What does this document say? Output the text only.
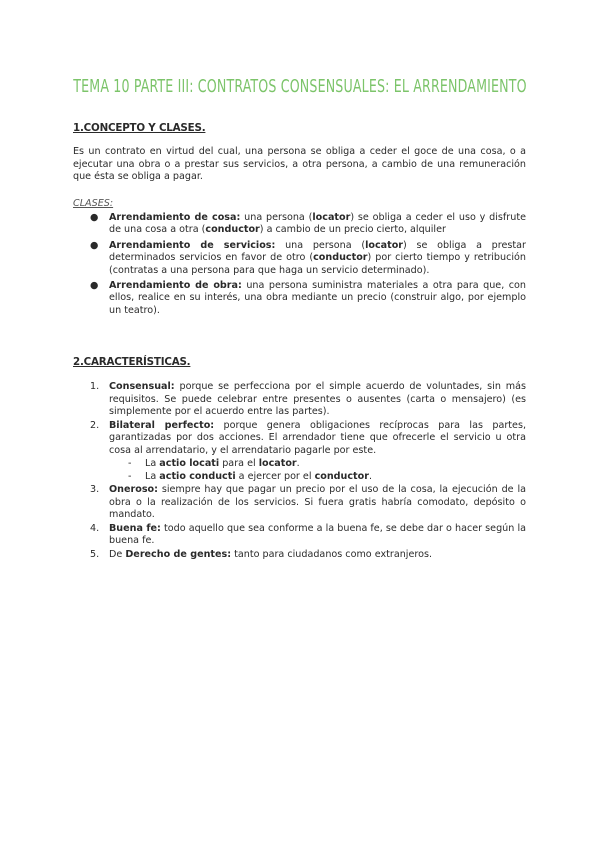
TEMA 10 PARTE III: CONTRATOS CONSENSUALES: EL ARRENDAMIENTO
1.CONCEPTO Y CLASES.
Es un contrato en virtud del cual, una persona se obliga a ceder el goce de una cosa, o a ejecutar una obra o a prestar sus servicios, a otra persona, a cambio de una remuneración que ésta se obliga a pagar.
CLASES:
● Arrendamiento de cosa: una persona (locator) se obliga a ceder el uso y disfrute de una cosa a otra (conductor) a cambio de un precio cierto, alquiler
● Arrendamiento de servicios: una persona (locator) se obliga a prestar determinados servicios en favor de otro (conductor) por cierto tiempo y retribución (contratas a una persona para que haga un servicio determinado).
● Arrendamiento de obra: una persona suministra materiales a otra para que, con ellos, realice en su interés, una obra mediante un precio (construir algo, por ejemplo un teatro).
2.CARACTERÍSTICAS.
1. Consensual: porque se perfecciona por el simple acuerdo de voluntades, sin más requisitos. Se puede celebrar entre presentes o ausentes (carta o mensajero) (es simplemente por el acuerdo entre las partes).
2. Bilateral perfecto: porque genera obligaciones recíprocas para las partes, garantizadas por dos acciones. El arrendador tiene que ofrecerle el servicio u otra cosa al arrendatario, y el arrendatario pagarle por este.
- La actio locati para el locator.
- La actio conducti a ejercer por el conductor.
3. Oneroso: siempre hay que pagar un precio por el uso de la cosa, la ejecución de la obra o la realización de los servicios. Si fuera gratis habría comodato, depósito o mandato.
4. Buena fe: todo aquello que sea conforme a la buena fe, se debe dar o hacer según la buena fe.
5. De Derecho de gentes: tanto para ciudadanos como extranjeros.
